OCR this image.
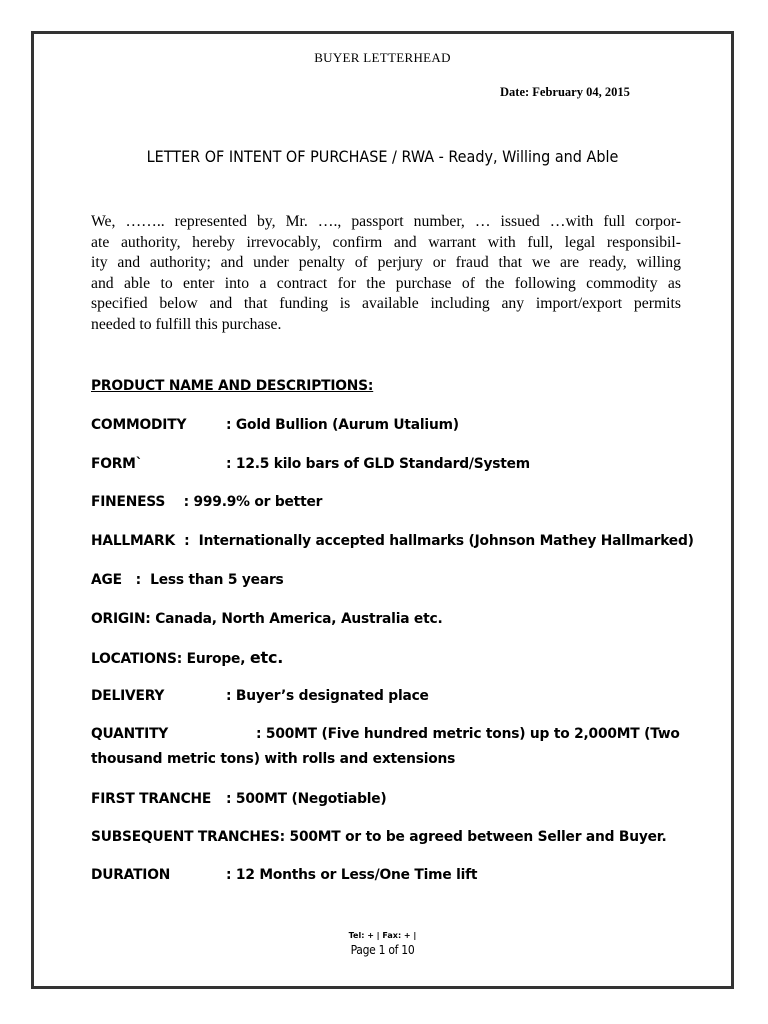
BUYER LETTERHEAD
Date: February 04, 2015
LETTER OF INTENT OF PURCHASE / RWA - Ready, Willing and Able
We, …….. represented by, Mr. …., passport number, … issued …with full corpor-
ate authority, hereby irrevocably, confirm and warrant with full, legal responsibil-
ity and authority; and under penalty of perjury or fraud that we are ready, willing
and able to enter into a contract for the purchase of the following commodity as
specified below and that funding is available including any import/export permits
needed to fulfill this purchase.
PRODUCT NAME AND DESCRIPTIONS:
COMMODITY	: Gold Bullion (Aurum Utalium)
FORM`	: 12.5 kilo bars of GLD Standard/System
FINENESS    : 999.9% or better
HALLMARK  :  Internationally accepted hallmarks (Johnson Mathey Hallmarked)
AGE   :  Less than 5 years
ORIGIN: Canada, North America, Australia etc.
LOCATIONS: Europe, etc.
DELIVERY	: Buyer’s designated place
QUANTITY	: 500MT (Five hundred metric tons) up to 2,000MT (Two
thousand metric tons) with rolls and extensions
FIRST TRANCHE : 500MT (Negotiable)
SUBSEQUENT TRANCHES: 500MT or to be agreed between Seller and Buyer.
DURATION	: 12 Months or Less/One Time lift
Tel: + | Fax: + |
Page 1 of 10
